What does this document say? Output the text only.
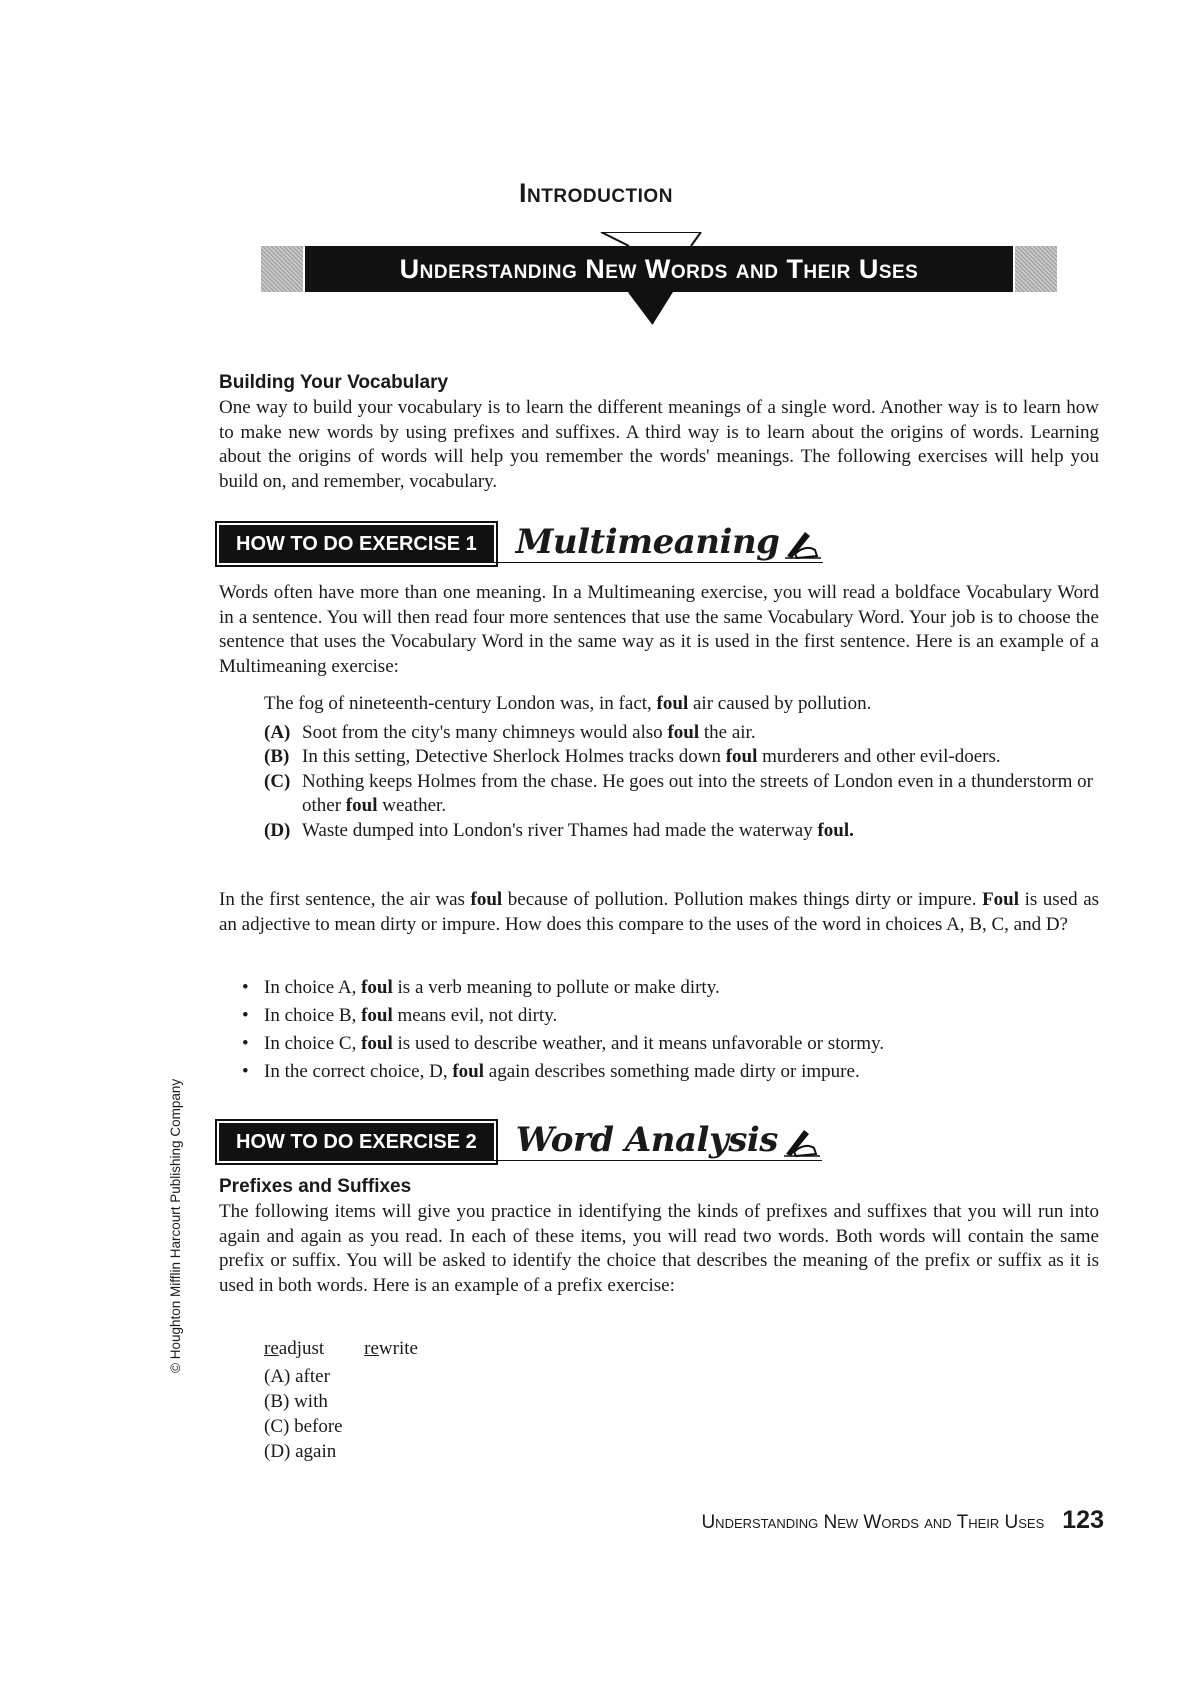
Introduction
Understanding New Words and Their Uses
Building Your Vocabulary

One way to build your vocabulary is to learn the different meanings of a single word. Another way is to learn how to make new words by using prefixes and suffixes. A third way is to learn about the origins of words. Learning about the origins of words will help you remember the words' meanings. The following exercises will help you build on, and remember, vocabulary.

HOW TO DO EXERCISE 1	Multimeaning

Words often have more than one meaning. In a Multimeaning exercise, you will read a boldface Vocabulary Word in a sentence. You will then read four more sentences that use the same Vocabulary Word. Your job is to choose the sentence that uses the Vocabulary Word in the same way as it is used in the first sentence. Here is an example of a Multimeaning exercise:

The fog of nineteenth-century London was, in fact, foul air caused by pollution.

(A) Soot from the city's many chimneys would also foul the air.
(B) In this setting, Detective Sherlock Holmes tracks down foul murderers and other evil-doers.
(C) Nothing keeps Holmes from the chase. He goes out into the streets of London even in a thunderstorm or other foul weather.
(D) Waste dumped into London's river Thames had made the waterway foul.

In the first sentence, the air was foul because of pollution. Pollution makes things dirty or impure. Foul is used as an adjective to mean dirty or impure. How does this compare to the uses of the word in choices A, B, C, and D?

• In choice A, foul is a verb meaning to pollute or make dirty.
• In choice B, foul means evil, not dirty.
• In choice C, foul is used to describe weather, and it means unfavorable or stormy.
• In the correct choice, D, foul again describes something made dirty or impure.
HOW TO DO EXERCISE 2	Word Analysis
Prefixes and Suffixes

The following items will give you practice in identifying the kinds of prefixes and suffixes that you will run into again and again as you read. In each of these items, you will read two words. Both words will contain the same prefix or suffix. You will be asked to identify the choice that describes the meaning of the prefix or suffix as it is used in both words. Here is an example of a prefix exercise:

readjust rewrite
(A) after
(B) with
(C) before
(D) again
© Houghton Mifflin Harcourt Publishing Company
Understanding New Words and Their Uses 123
